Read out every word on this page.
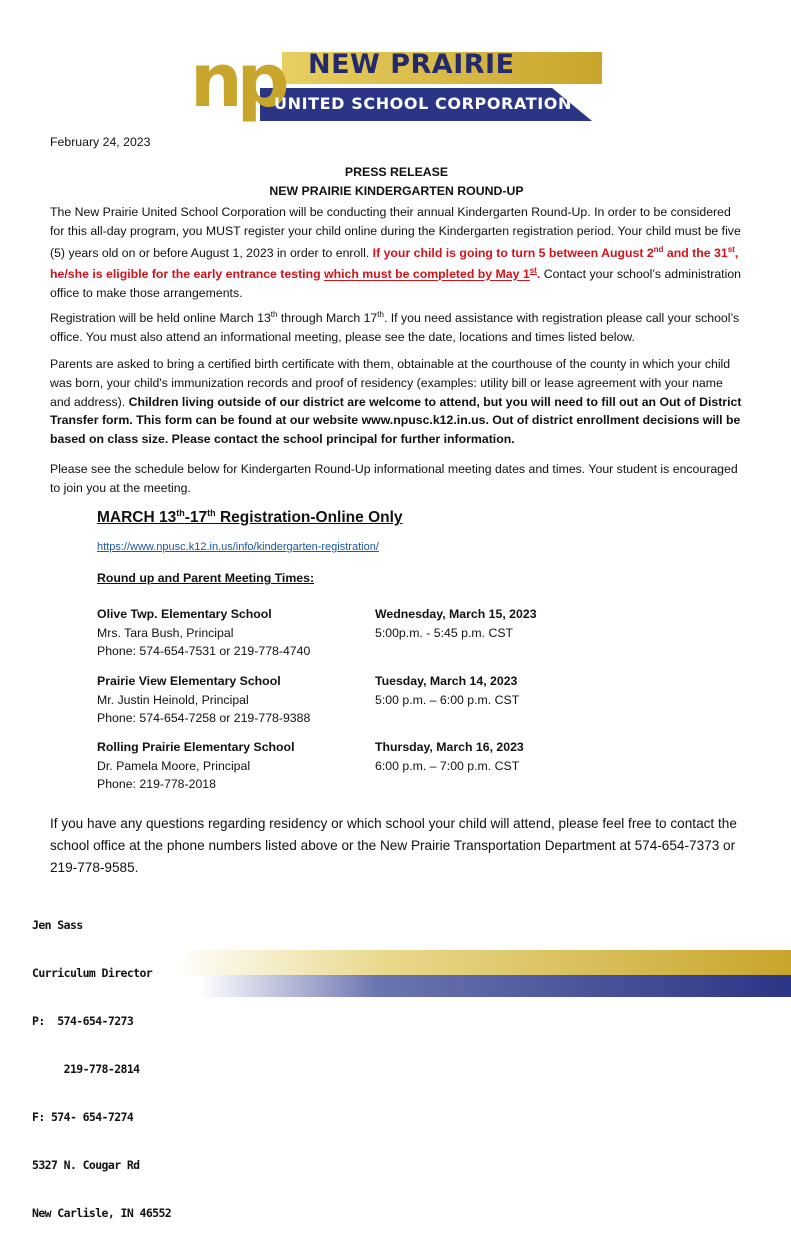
np NEW PRAIRIE
UNITED SCHOOL CORPORATION
February 24, 2023
PRESS RELEASE
NEW PRAIRIE KINDERGARTEN ROUND-UP

The New Prairie United School Corporation will be conducting their annual Kindergarten Round-Up. In order to be considered for this all-day program, you MUST register your child online during the Kindergarten registration period. Your child must be five (5) years old on or before August 1, 2023 in order to enroll. If your child is going to turn 5 between August 2nd and the 31st, he/she is eligible for the early entrance testing which must be completed by May 1st. Contact your school’s administration office to make those arrangements.

Registration will be held online March 13th through March 17th. If you need assistance with registration please call your school’s office. You must also attend an informational meeting, please see the date, locations and times listed below.

Parents are asked to bring a certified birth certificate with them, obtainable at the courthouse of the county in which your child was born, your child's immunization records and proof of residency (examples: utility bill or lease agreement with your name and address). Children living outside of our district are welcome to attend, but you will need to fill out an Out of District Transfer form. This form can be found at our website www.npusc.k12.in.us. Out of district enrollment decisions will be based on class size. Please contact the school principal for further information.

Please see the schedule below for Kindergarten Round-Up informational meeting dates and times. Your student is encouraged to join you at the meeting.

MARCH 13th-17th Registration-Online Only
https://www.npusc.k12.in.us/info/kindergarten-registration/
Round up and Parent Meeting Times:
Olive Twp. Elementary School
Mrs. Tara Bush, Principal
Phone: 574-654-7531 or 219-778-4740
Wednesday, March 15, 2023
5:00p.m. - 5:45 p.m. CST
Prairie View Elementary School
Mr. Justin Heinold, Principal
Phone: 574-654-7258 or 219-778-9388
Tuesday, March 14, 2023
5:00 p.m. – 6:00 p.m. CST
Rolling Prairie Elementary School
Dr. Pamela Moore, Principal
Phone: 219-778-2018
Thursday, March 16, 2023
6:00 p.m. – 7:00 p.m. CST

If you have any questions regarding residency or which school your child will attend, please feel free to contact the school office at the phone numbers listed above or the New Prairie Transportation Department at 574-654-7373 or 219-778-9585.

Jen Sass

Curriculum Director

P:  574-654-7273

219-778-2814

F: 574- 654-7274

5327 N. Cougar Rd

New Carlisle, IN 46552
